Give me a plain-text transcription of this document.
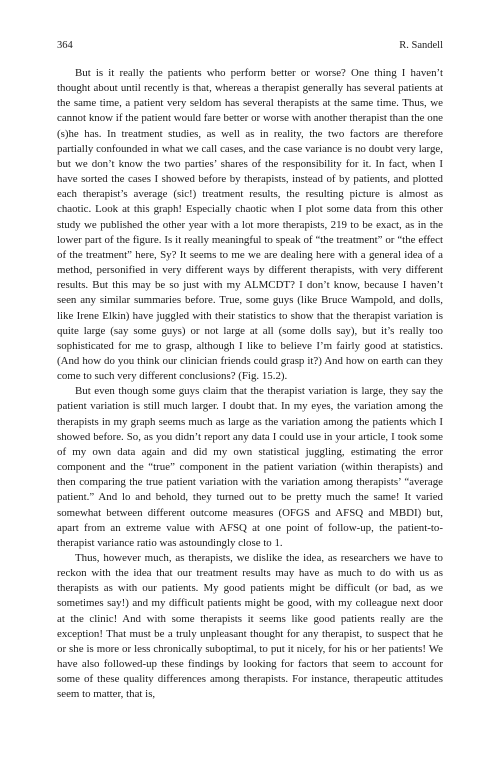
364	R. Sandell

But is it really the patients who perform better or worse? One thing I haven’t thought about until recently is that, whereas a therapist generally has several patients at the same time, a patient very seldom has several therapists at the same time. Thus, we cannot know if the patient would fare better or worse with another therapist than the one (s)he has. In treatment studies, as well as in reality, the two factors are therefore partially confounded in what we call cases, and the case variance is no doubt very large, but we don’t know the two parties’ shares of the responsibility for it. In fact, when I have sorted the cases I showed before by therapists, instead of by patients, and plotted each therapist’s average (sic!) treatment results, the resulting picture is almost as chaotic. Look at this graph! Especially chaotic when I plot some data from this other study we published the other year with a lot more therapists, 219 to be exact, as in the lower part of the figure. Is it really meaningful to speak of “the treatment” or “the effect of the treatment” here, Sy? It seems to me we are dealing here with a general idea of a method, personified in very different ways by different therapists, with very different results. But this may be so just with my ALMCDT? I don’t know, because I haven’t seen any similar summaries before. True, some guys (like Bruce Wampold, and dolls, like Irene Elkin) have juggled with their statistics to show that the therapist variation is quite large (say some guys) or not large at all (some dolls say), but it’s really too sophisticated for me to grasp, although I like to believe I’m fairly good at statistics. (And how do you think our clinician friends could grasp it?) And how on earth can they come to such very different conclusions? (Fig. 15.2).

But even though some guys claim that the therapist variation is large, they say the patient variation is still much larger. I doubt that. In my eyes, the variation among the therapists in my graph seems much as large as the variation among the patients which I showed before. So, as you didn’t report any data I could use in your article, I took some of my own data again and did my own statistical juggling, estimating the error component and the “true” component in the patient variation (within therapists) and then comparing the true patient variation with the variation among therapists’ “average patient.” And lo and behold, they turned out to be pretty much the same! It varied somewhat between different outcome measures (OFGS and AFSQ and MBDI) but, apart from an extreme value with AFSQ at one point of follow-up, the patient-to-therapist variance ratio was astoundingly close to 1.

Thus, however much, as therapists, we dislike the idea, as researchers we have to reckon with the idea that our treatment results may have as much to do with us as therapists as with our patients. My good patients might be difficult (or bad, as we sometimes say!) and my difficult patients might be good, with my colleague next door at the clinic! And with some therapists it seems like good patients really are the exception! That must be a truly unpleasant thought for any therapist, to suspect that he or she is more or less chronically suboptimal, to put it nicely, for his or her patients! We have also followed-up these findings by looking for factors that seem to account for some of these quality differences among therapists. For instance, therapeutic attitudes seem to matter, that is,
